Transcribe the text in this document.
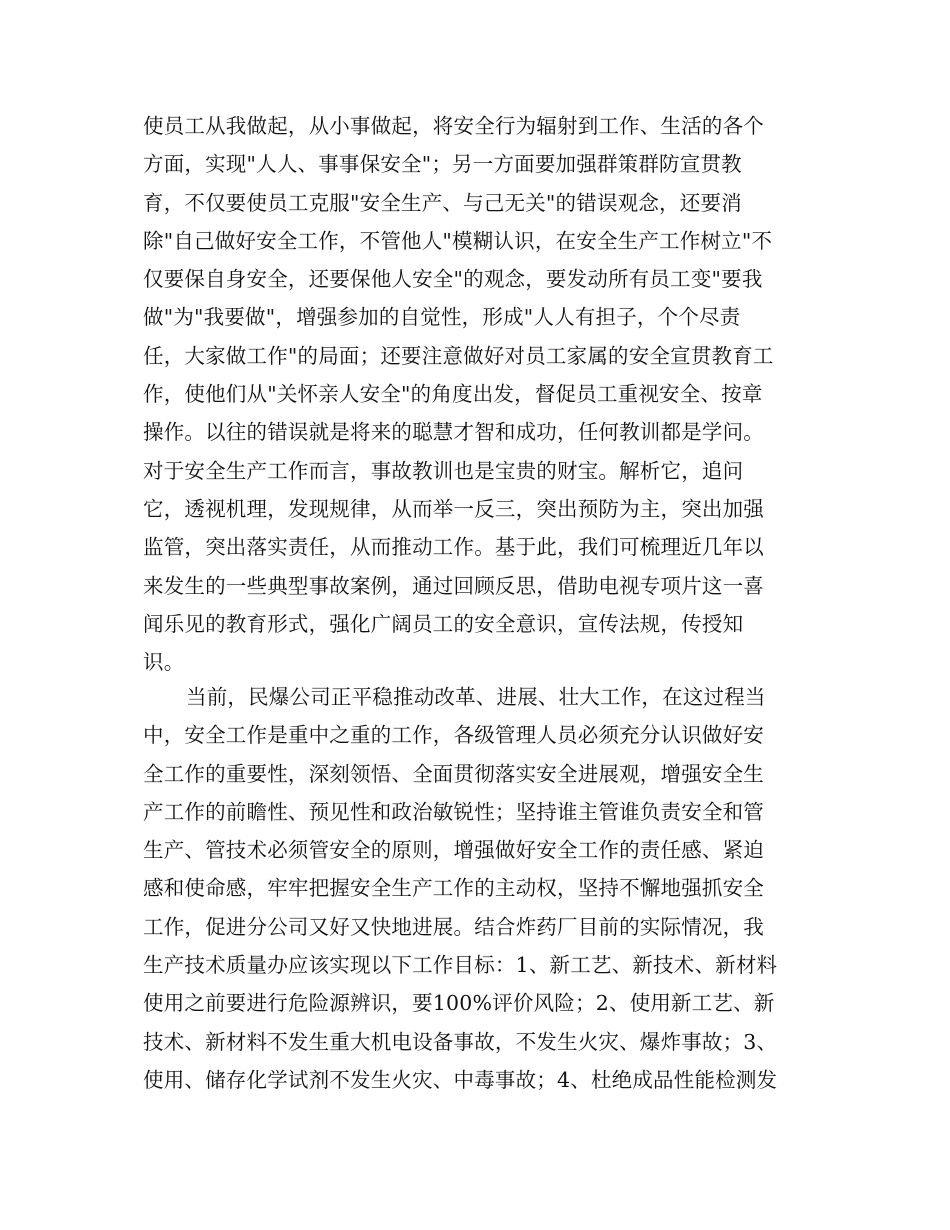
使员工从我做起，从小事做起，将安全行为辐射到工作、生活的各个
方面，实现"人人、事事保安全"；另一方面要加强群策群防宣贯教
育，不仅要使员工克服"安全生产、与己无关"的错误观念，还要消
除"自己做好安全工作，不管他人"模糊认识，在安全生产工作树立"不
仅要保自身安全，还要保他人安全"的观念，要发动所有员工变"要我
做"为"我要做"，增强参加的自觉性，形成"人人有担子，个个尽责
任，大家做工作"的局面；还要注意做好对员工家属的安全宣贯教育工
作，使他们从"关怀亲人安全"的角度出发，督促员工重视安全、按章
操作。以往的错误就是将来的聪慧才智和成功，任何教训都是学问。
对于安全生产工作而言，事故教训也是宝贵的财宝。解析它，追问
它，透视机理，发现规律，从而举一反三，突出预防为主，突出加强
监管，突出落实责任，从而推动工作。基于此，我们可梳理近几年以
来发生的一些典型事故案例，通过回顾反思，借助电视专项片这一喜
闻乐见的教育形式，强化广阔员工的安全意识，宣传法规，传授知
识。
当前，民爆公司正平稳推动改革、进展、壮大工作，在这过程当
中，安全工作是重中之重的工作，各级管理人员必须充分认识做好安
全工作的重要性，深刻领悟、全面贯彻落实安全进展观，增强安全生
产工作的前瞻性、预见性和政治敏锐性；坚持谁主管谁负责安全和管
生产、管技术必须管安全的原则，增强做好安全工作的责任感、紧迫
感和使命感，牢牢把握安全生产工作的主动权，坚持不懈地强抓安全
工作，促进分公司又好又快地进展。结合炸药厂目前的实际情况，我
生产技术质量办应该实现以下工作目标：1、新工艺、新技术、新材料
使用之前要进行危险源辨识，要100%评价风险；2、使用新工艺、新
技术、新材料不发生重大机电设备事故，不发生火灾、爆炸事故；3、
使用、储存化学试剂不发生火灾、中毒事故；4、杜绝成品性能检测发
